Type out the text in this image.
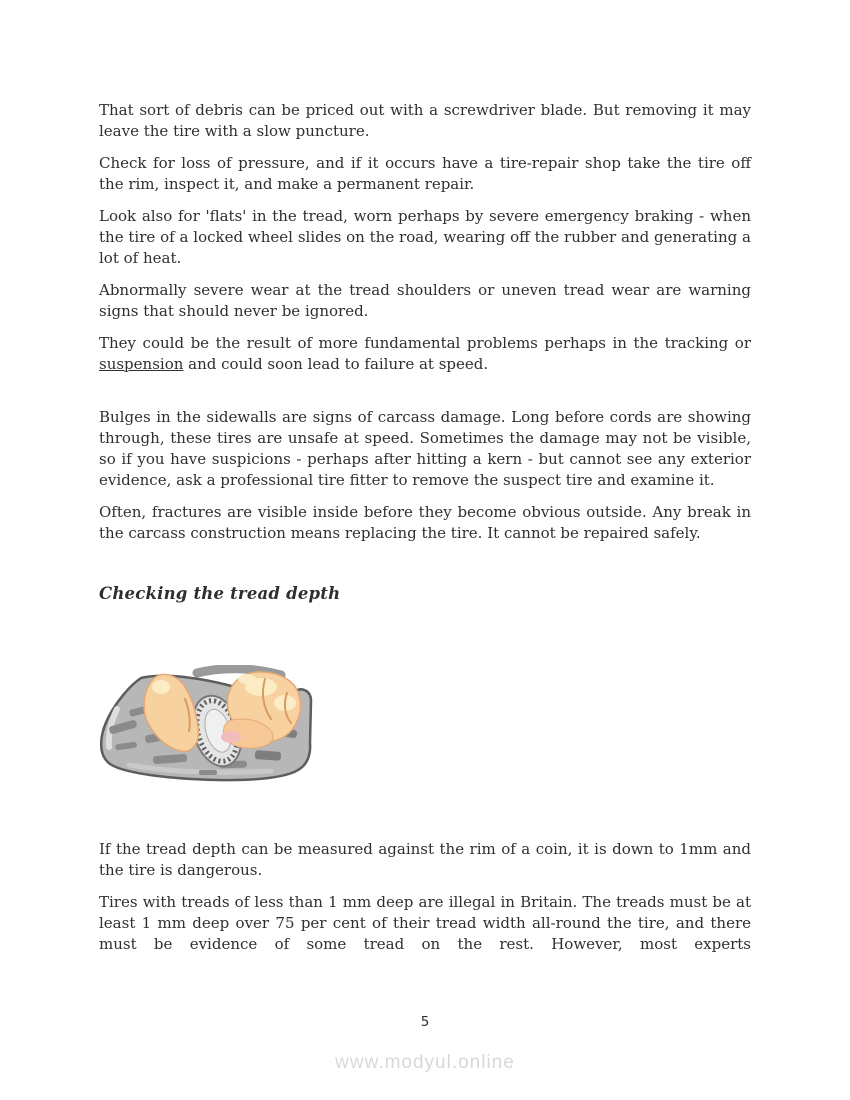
That sort of debris can be priced out with a screwdriver blade. But removing it may leave the tire with a slow puncture.

Check for loss of pressure, and if it occurs have a tire-repair shop take the tire off the rim, inspect it, and make a permanent repair.

Look also for 'flats' in the tread, worn perhaps by severe emergency braking - when the tire of a locked wheel slides on the road, wearing off the rubber and generating a lot of heat.

Abnormally severe wear at the tread shoulders or uneven tread wear are warning signs that should never be ignored.

They could be the result of more fundamental problems perhaps in the tracking or suspension and could soon lead to failure at speed.

Bulges in the sidewalls are signs of carcass damage. Long before cords are showing through, these tires are unsafe at speed. Sometimes the damage may not be visible, so if you have suspicions - perhaps after hitting a kern - but cannot see any exterior evidence, ask a professional tire fitter to remove the suspect tire and examine it.

Often, fractures are visible inside before they become obvious outside. Any break in the carcass construction means replacing the tire. It cannot be repaired safely.

Checking the tread depth

If the tread depth can be measured against the rim of a coin, it is down to 1mm and the tire is dangerous.

Tires with treads of less than 1 mm deep are illegal in Britain. The treads must be at least 1 mm deep over 75 per cent of their tread width all-round the tire, and there must be evidence of some tread on the rest. However, most experts

5
www.modyul.online
